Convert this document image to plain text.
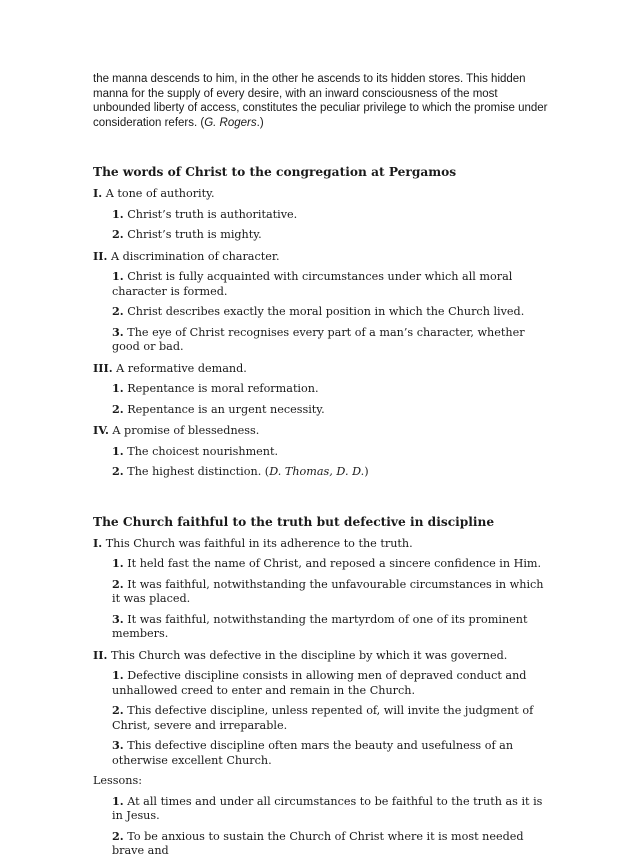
the manna descends to him, in the other he ascends to its hidden stores. This hidden manna for the supply of every desire, with an inward consciousness of the most unbounded liberty of access, constitutes the peculiar privilege to which the promise under consideration refers. (G. Rogers.)

The words of Christ to the congregation at Pergamos

I. A tone of authority.

1. Christ’s truth is authoritative.

2. Christ’s truth is mighty.

II. A discrimination of character.

1. Christ is fully acquainted with circumstances under which all moral character is formed.

2. Christ describes exactly the moral position in which the Church lived.

3. The eye of Christ recognises every part of a man’s character, whether good or bad.

III. A reformative demand.

1. Repentance is moral reformation.

2. Repentance is an urgent necessity.

IV. A promise of blessedness.

1. The choicest nourishment.

2. The highest distinction. (D. Thomas, D. D.)

The Church faithful to the truth but defective in discipline

I. This Church was faithful in its adherence to the truth.

1. It held fast the name of Christ, and reposed a sincere confidence in Him.

2. It was faithful, notwithstanding the unfavourable circumstances in which it was placed.

3. It was faithful, notwithstanding the martyrdom of one of its prominent members.

II. This Church was defective in the discipline by which it was governed.

1. Defective discipline consists in allowing men of depraved conduct and unhallowed creed to enter and remain in the Church.

2. This defective discipline, unless repented of, will invite the judgment of Christ, severe and irreparable.

3. This defective discipline often mars the beauty and usefulness of an otherwise excellent Church.

Lessons:

1. At all times and under all circumstances to be faithful to the truth as it is in Jesus.

2. To be anxious to sustain the Church of Christ where it is most needed brave and
